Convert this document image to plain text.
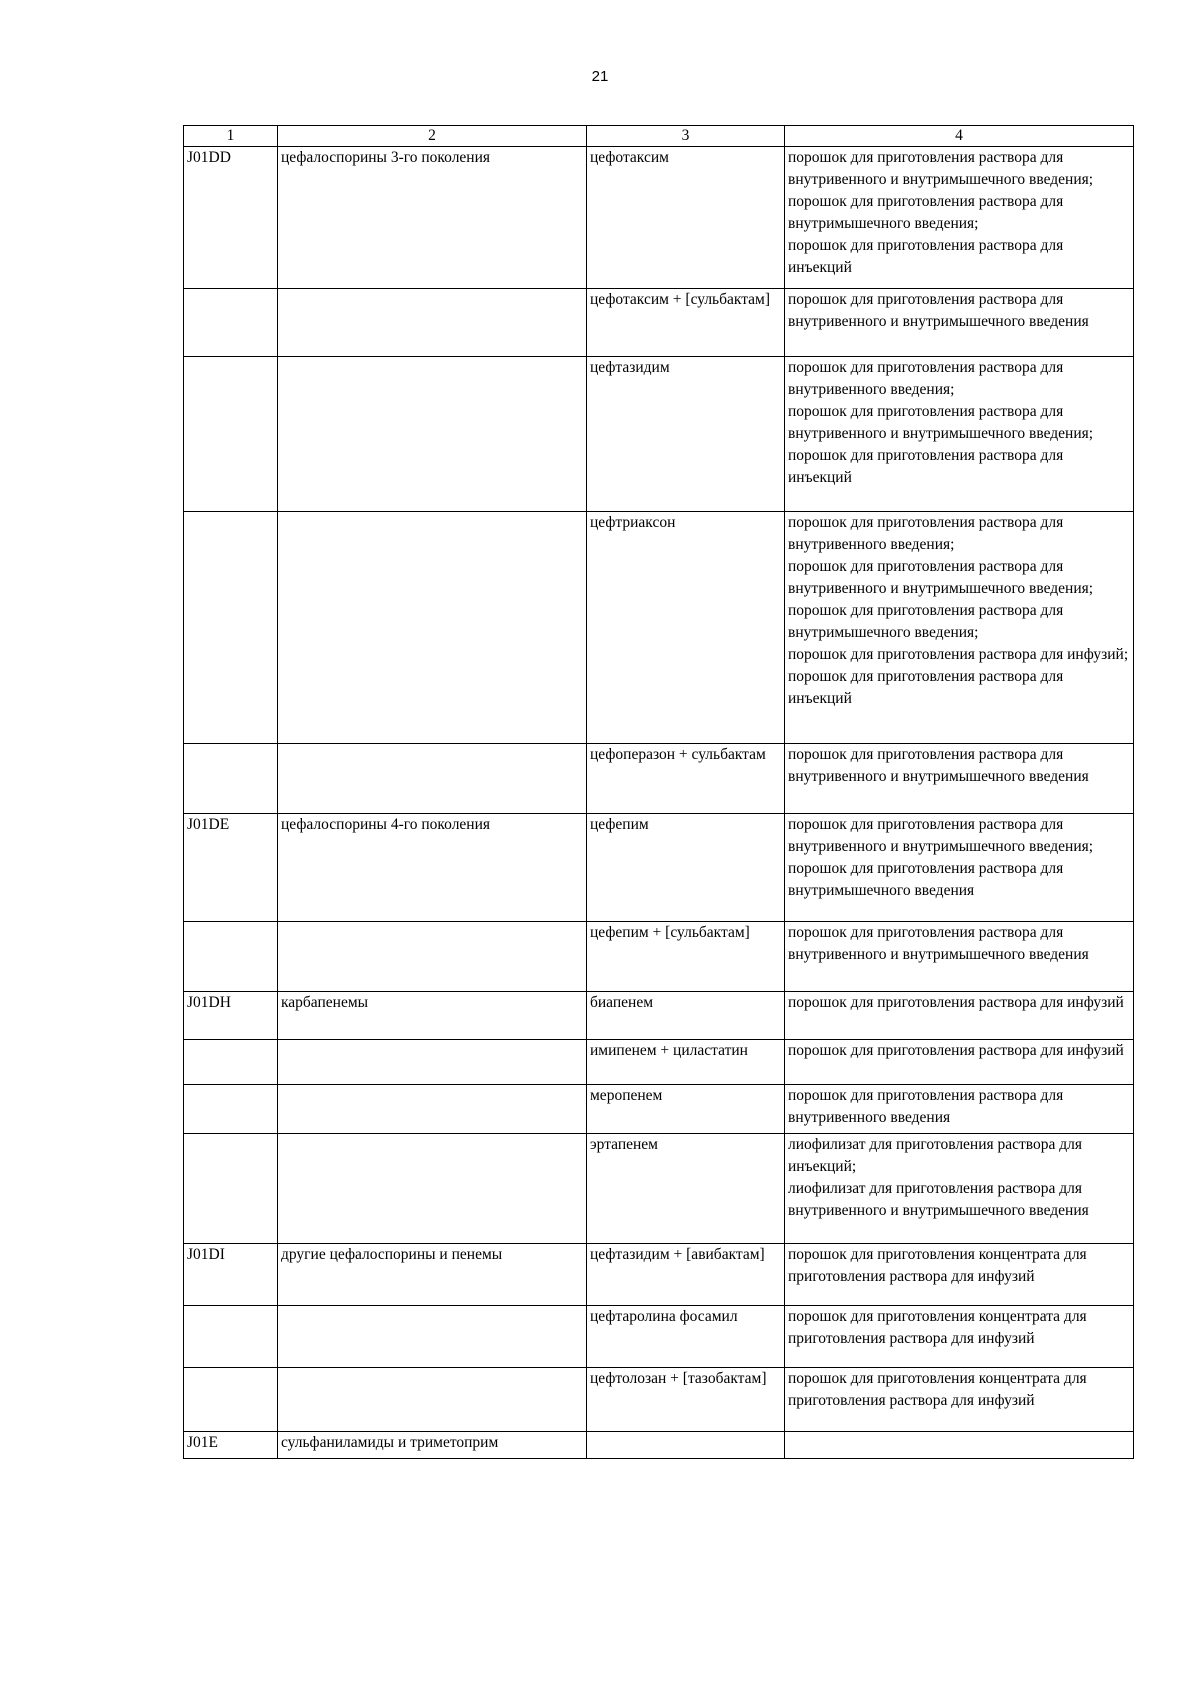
21
1	2	3	4
J01DD	цефалоспорины 3-го поколения	цефотаксим	порошок для приготовления раствора для внутривенного и внутримышечного введения;
порошок для приготовления раствора для внутримышечного введения;
порошок для приготовления раствора для инъекций

		цефотаксим + [сульбактам]	порошок для приготовления раствора для внутривенного и внутримышечного введения

		цефтазидим	порошок для приготовления раствора для внутривенного введения;
порошок для приготовления раствора для внутривенного и внутримышечного введения;
порошок для приготовления раствора для инъекций

		цефтриаксон	порошок для приготовления раствора для внутривенного введения;
порошок для приготовления раствора для внутривенного и внутримышечного введения;
порошок для приготовления раствора для внутримышечного введения;
порошок для приготовления раствора для инфузий;
порошок для приготовления раствора для инъекций

		цефоперазон + сульбактам	порошок для приготовления раствора для внутривенного и внутримышечного введения

J01DE	цефалоспорины 4-го поколения	цефепим	порошок для приготовления раствора для внутривенного и внутримышечного введения;
порошок для приготовления раствора для внутримышечного введения

		цефепим + [сульбактам]	порошок для приготовления раствора для внутривенного и внутримышечного введения

J01DH	карбапенемы	биапенем	порошок для приготовления раствора для инфузий

		имипенем + циластатин	порошок для приготовления раствора для инфузий

		меропенем	порошок для приготовления раствора для внутривенного введения

		эртапенем	лиофилизат для приготовления раствора для инъекций;
лиофилизат для приготовления раствора для внутривенного и внутримышечного введения

J01DI	другие цефалоспорины и пенемы	цефтазидим + [авибактам]	порошок для приготовления концентрата для приготовления раствора для инфузий

		цефтаролина фосамил	порошок для приготовления концентрата для приготовления раствора для инфузий

		цефтолозан + [тазобактам]	порошок для приготовления концентрата для приготовления раствора для инфузий

J01E	сульфаниламиды и триметоприм		
